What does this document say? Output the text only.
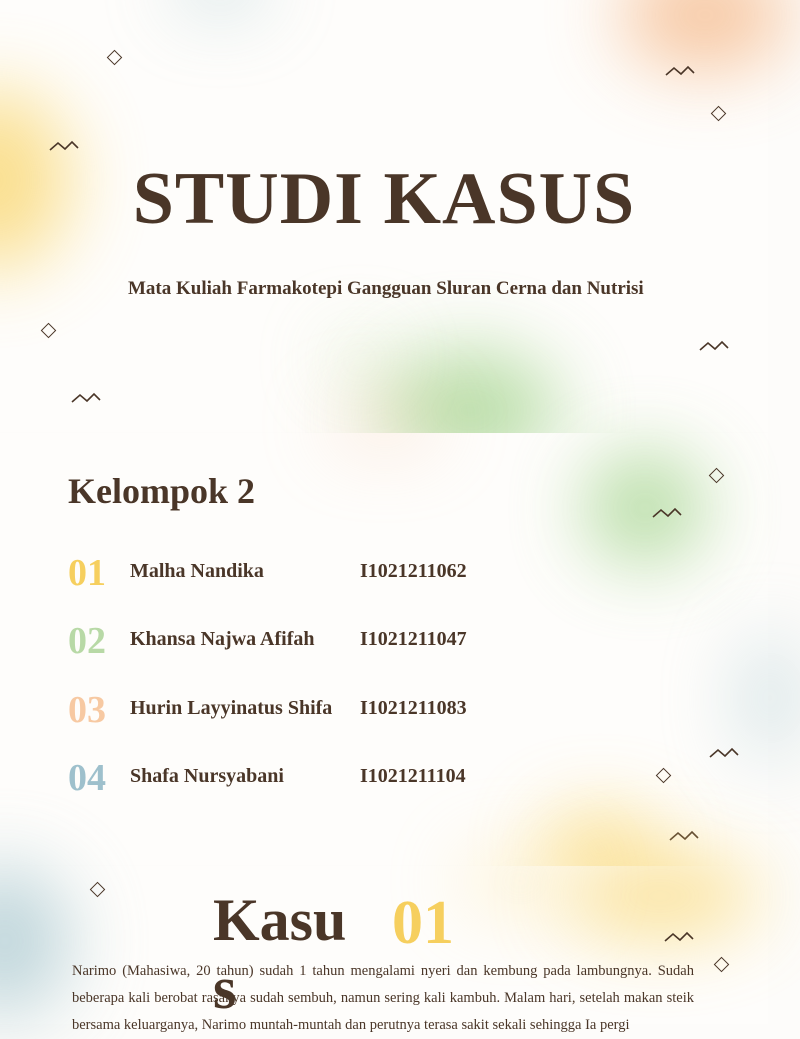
STUDI KASUS
Mata Kuliah Farmakotepi Gangguan Sluran Cerna dan Nutrisi
Kelompok 2
01 Malha Nandika	I1021211062
02 Khansa Najwa Afifah I1021211047
03 Hurin Layyinatus Shifa I1021211083
04 Shafa Nursyabani	I1021211104
Kasus
01

Narimo (Mahasiwa, 20 tahun) sudah 1 tahun mengalami nyeri dan kembung pada lambungnya. Sudah beberapa kali berobat rasanya sudah sembuh, namun sering kali kambuh. Malam hari, setelah makan steik bersama keluarganya, Narimo muntah-muntah dan perutnya terasa sakit sekali sehingga Ia pergi
